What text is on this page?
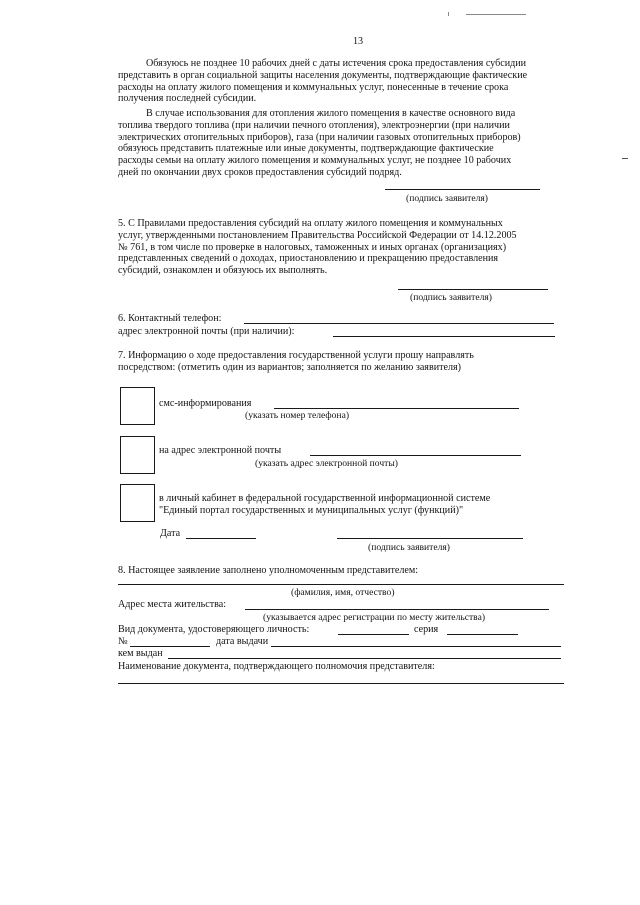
13
Обязуюсь не позднее 10 рабочих дней с даты истечения срока предоставления субсидии
представить в орган социальной защиты населения документы, подтверждающие фактические
расходы на оплату жилого помещения и коммунальных услуг, понесенные в течение срока
получения последней субсидии.
В случае использования для отопления жилого помещения в качестве основного вида
топлива твердого топлива (при наличии печного отопления), электроэнергии (при наличии
электрических отопительных приборов), газа (при наличии газовых отопительных приборов)
обязуюсь представить платежные или иные документы, подтверждающие фактические
расходы семьи на оплату жилого помещения и коммунальных услуг, не позднее 10 рабочих
дней по окончании двух сроков предоставления субсидий подряд.
(подпись заявителя)
5. С Правилами предоставления субсидий на оплату жилого помещения и коммунальных
услуг, утвержденными постановлением Правительства Российской Федерации от 14.12.2005
№ 761, в том числе по проверке в налоговых, таможенных и иных органах (организациях)
представленных сведений о доходах, приостановлению и прекращению предоставления
субсидий, ознакомлен и обязуюсь их выполнять.
(подпись заявителя)
6. Контактный телефон:
адрес электронной почты (при наличии):
7. Информацию о ходе предоставления государственной услуги прошу направлять
посредством: (отметить один из вариантов; заполняется по желанию заявителя)
смс-информирования
(указать номер телефона)
на адрес электронной почты
(указать адрес электронной почты)
в личный кабинет в федеральной государственной информационной системе
"Единый портал государственных и муниципальных услуг (функций)"
Дата
(подпись заявителя)
8. Настоящее заявление заполнено уполномоченным представителем:
(фамилия, имя, отчество)
Адрес места жительства:
(указывается адрес регистрации по месту жительства)
Вид документа, удостоверяющего личность:	серия
№	дата выдачи
кем выдан
Наименование документа, подтверждающего полномочия представителя:
